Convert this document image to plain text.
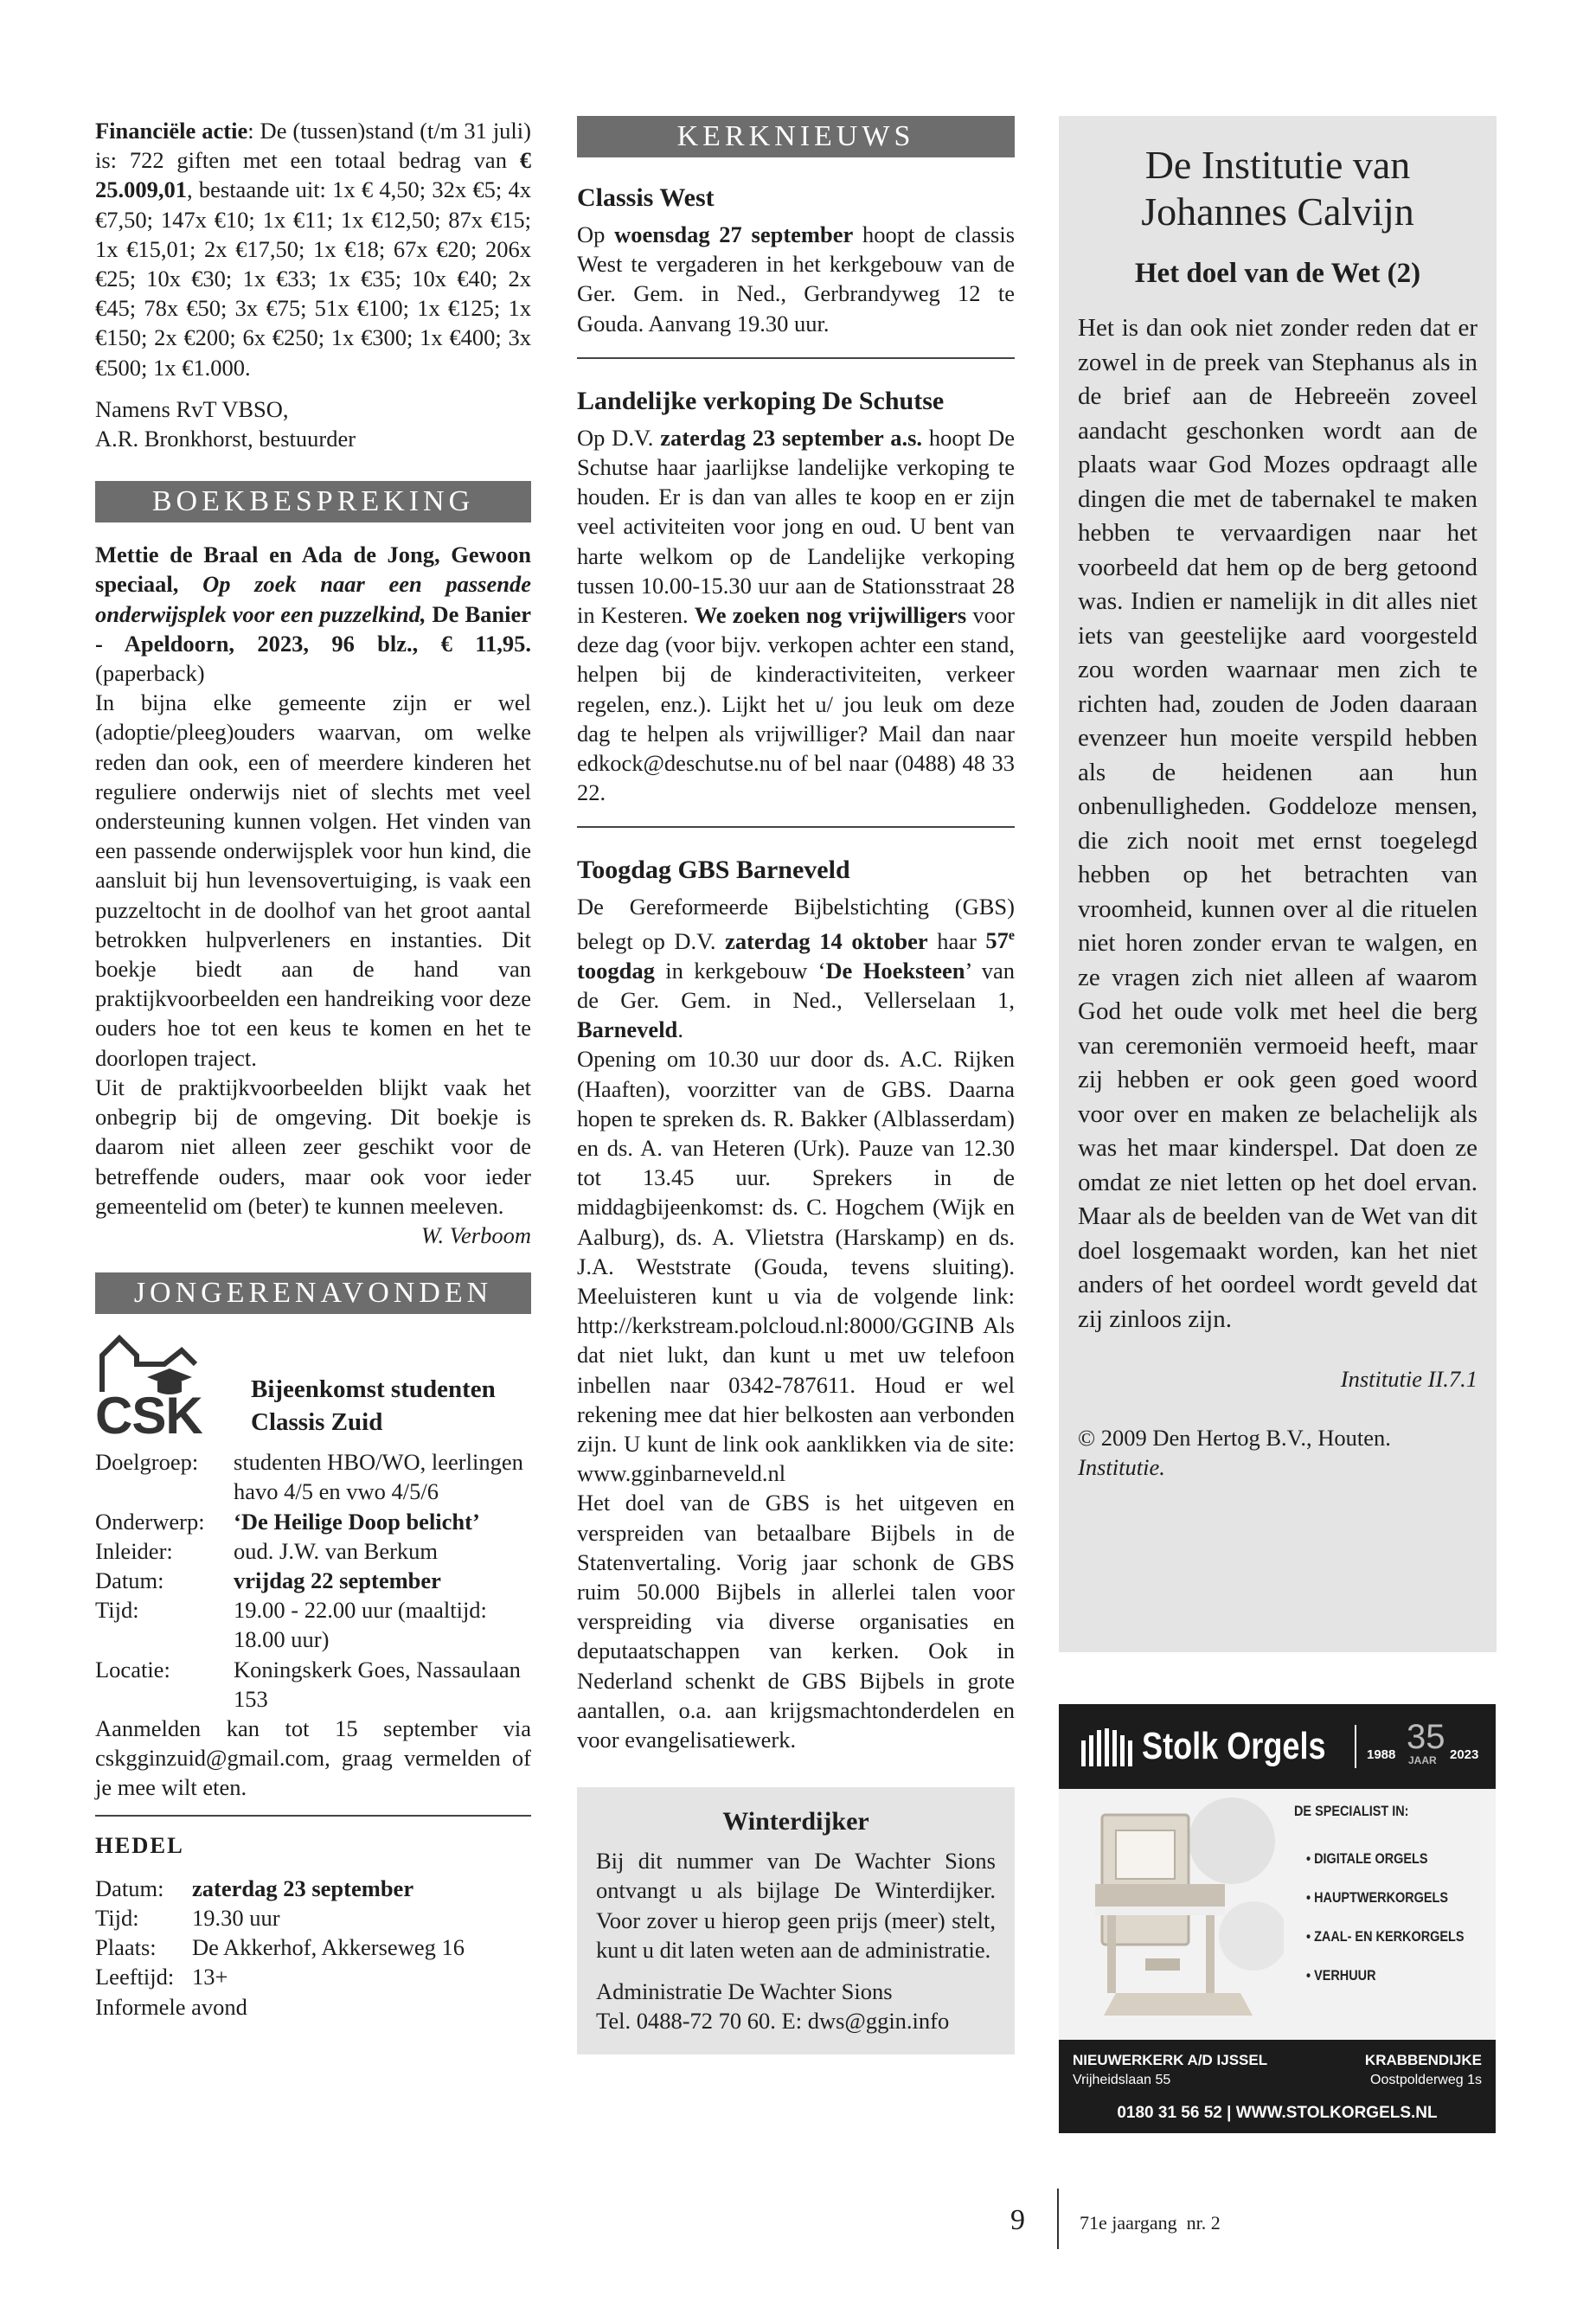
Financiële actie: De (tussen)stand (t/m 31 juli) is: 722 giften met een totaal bedrag van € 25.009,01, bestaande uit: 1x € 4,50; 32x €5; 4x €7,50; 147x €10; 1x €11; 1x €12,50; 87x €15; 1x €15,01; 2x €17,50; 1x €18; 67x €20; 206x €25; 10x €30; 1x €33; 1x €35; 10x €40; 2x €45; 78x €50; 3x €75; 51x €100; 1x €125; 1x €150; 2x €200; 6x €250; 1x €300; 1x €400; 3x €500; 1x €1.000.

Namens RvT VBSO,
A.R. Bronkhorst, bestuurder

BOEKBESPREKING

Mettie de Braal en Ada de Jong, Gewoon speciaal, Op zoek naar een passende onderwijsplek voor een puzzelkind, De Banier - Apeldoorn, 2023, 96 blz., € 11,95. (paperback)
In bijna elke gemeente zijn er wel (adoptie/pleeg)ouders waarvan, om welke reden dan ook, een of meerdere kinderen het reguliere onderwijs niet of slechts met veel ondersteuning kunnen volgen. Het vinden van een passende onderwijsplek voor hun kind, die aansluit bij hun levensovertuiging, is vaak een puzzeltocht in de doolhof van het groot aantal betrokken hulpverleners en instanties. Dit boekje biedt aan de hand van praktijkvoorbeelden een handreiking voor deze ouders hoe tot een keus te komen en het te doorlopen traject.
Uit de praktijkvoorbeelden blijkt vaak het onbegrip bij de omgeving. Dit boekje is daarom niet alleen zeer geschikt voor de betreffende ouders, maar ook voor ieder gemeentelid om (beter) te kunnen meeleven.

W. Verboom

JONGERENAVONDEN
CSK Bijeenkomst studenten
Classis Zuid
Doelgroep:	studenten HBO/WO, leerlingen havo 4/5 en vwo 4/5/6
Onderwerp:	‘De Heilige Doop belicht’
Inleider:	oud. J.W. van Berkum
Datum:	vrijdag 22 september
Tijd:	19.00 - 22.00 uur (maaltijd: 18.00 uur)
Locatie:	Koningskerk Goes, Nassaulaan 153

Aanmelden kan tot 15 september via cskgginzuid@gmail.com, graag vermelden of je mee wilt eten.

HEDEL
Datum:	zaterdag 23 september
Tijd:	19.30 uur
Plaats:	De Akkerhof, Akkerseweg 16
Leeftijd: 13+

Informele avond

KERKNIEUWS
Classis West

Op woensdag 27 september hoopt de classis West te vergaderen in het kerkgebouw van de Ger. Gem. in Ned., Gerbrandyweg 12 te Gouda. Aanvang 19.30 uur.

Landelijke verkoping De Schutse

Op D.V. zaterdag 23 september a.s. hoopt De Schutse haar jaarlijkse landelijke verkoping te houden. Er is dan van alles te koop en er zijn veel activiteiten voor jong en oud. U bent van harte welkom op de Landelijke verkoping tussen 10.00-15.30 uur aan de Stationsstraat 28 in Kesteren. We zoeken nog vrijwilligers voor deze dag (voor bijv. verkopen achter een stand, helpen bij de kinderactiviteiten, verkeer regelen, enz.). Lijkt het u/ jou leuk om deze dag te helpen als vrijwilliger? Mail dan naar edkock@deschutse.nu of bel naar (0488) 48 33 22.

Toogdag GBS Barneveld

De Gereformeerde Bijbelstichting (GBS) belegt op D.V. zaterdag 14 oktober haar 57e toogdag in kerkgebouw ‘De Hoeksteen’ van de Ger. Gem. in Ned., Vellerselaan 1, Barneveld.
Opening om 10.30 uur door ds. A.C. Rijken (Haaften), voorzitter van de GBS. Daarna hopen te spreken ds. R. Bakker (Alblasserdam) en ds. A. van Heteren (Urk). Pauze van 12.30 tot 13.45 uur. Sprekers in de middagbijeenkomst: ds. C. Hogchem (Wijk en Aalburg), ds. A. Vlietstra (Harskamp) en ds. J.A. Weststrate (Gouda, tevens sluiting). Meeluisteren kunt u via de volgende link: http://kerkstream.polcloud.nl:8000/GGINB Als dat niet lukt, dan kunt u met uw telefoon inbellen naar 0342-787611. Houd er wel rekening mee dat hier belkosten aan verbonden zijn. U kunt de link ook aanklikken via de site: www.gginbarneveld.nl
Het doel van de GBS is het uitgeven en verspreiden van betaalbare Bijbels in de Statenvertaling. Vorig jaar schonk de GBS ruim 50.000 Bijbels in allerlei talen voor verspreiding via diverse organisaties en deputaatschappen van kerken. Ook in Nederland schenkt de GBS Bijbels in grote aantallen, o.a. aan krijgsmachtonderdelen en voor evangelisatiewerk.

Winterdijker

Bij dit nummer van De Wachter Sions ontvangt u als bijlage De Winterdijker. Voor zover u hierop geen prijs (meer) stelt, kunt u dit laten weten aan de administratie.

Administratie De Wachter Sions

Tel. 0488-72 70 60. E: dws@ggin.info

De Institutie van
Johannes Calvijn
Het doel van de Wet (2)

Het is dan ook niet zonder reden dat er zowel in de preek van Stephanus als in de brief aan de Hebreeën zoveel aandacht geschonken wordt aan de plaats waar God Mozes opdraagt alle dingen die met de tabernakel te maken hebben te vervaardigen naar het voorbeeld dat hem op de berg getoond was. Indien er namelijk in dit alles niet iets van geestelijke aard voorgesteld zou worden waarnaar men zich te richten had, zouden de Joden daaraan evenzeer hun moeite verspild hebben als de heidenen aan hun onbenulligheden. Goddeloze mensen, die zich nooit met ernst toegelegd hebben op het betrachten van vroomheid, kunnen over al die rituelen niet horen zonder ervan te walgen, en ze vragen zich niet alleen af waarom God het oude volk met heel die berg van ceremoniën vermoeid heeft, maar zij hebben er ook geen goed woord voor over en maken ze belachelijk als was het maar kinderspel. Dat doen ze omdat ze niet letten op het doel ervan. Maar als de beelden van de Wet van dit doel losgemaakt worden, kan het niet anders of het oordeel wordt geveld dat zij zinloos zijn.

Institutie II.7.1

© 2009 Den Hertog B.V., Houten.
Institutie.

Stolk Orgels	1988 35
JAAR 2023
DE SPECIALIST IN:
• DIGITALE ORGELS
• HAUPTWERKORGELS
• ZAAL- EN KERKORGELS
• VERHUUR
NIEUWERKERK A/D IJSSEL
Vrijheidslaan 55
KRABBENDIJKE
Oostpolderweg 1s
0180 31 56 52 | WWW.STOLKORGELS.NL
9	71e jaargang  nr. 2
